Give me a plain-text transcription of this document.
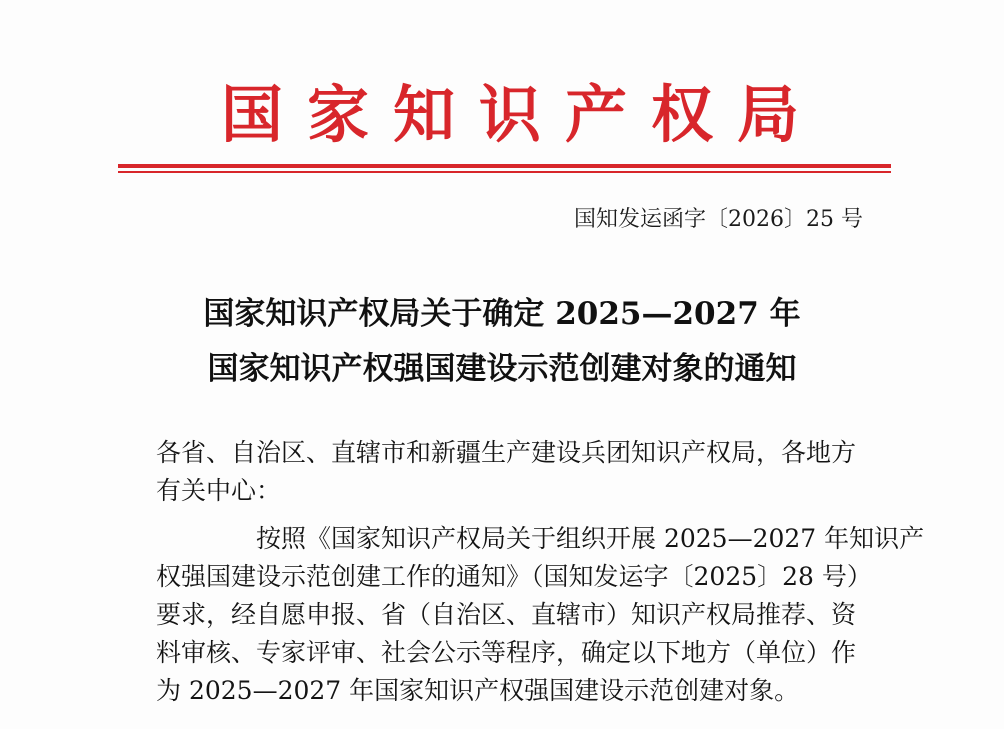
国家知识产权局
国知发运函字〔2026〕25 号
国家知识产权局关于确定 2025—2027 年
国家知识产权强国建设示范创建对象的通知
各省、自治区、直辖市和新疆生产建设兵团知识产权局，各地方
有关中心：
按照《国家知识产权局关于组织开展 2025—2027 年知识产
权强国建设示范创建工作的通知》（国知发运字〔2025〕28 号）
要求，经自愿申报、省（自治区、直辖市）知识产权局推荐、资
料审核、专家评审、社会公示等程序，确定以下地方（单位）作
为 2025—2027 年国家知识产权强国建设示范创建对象。
